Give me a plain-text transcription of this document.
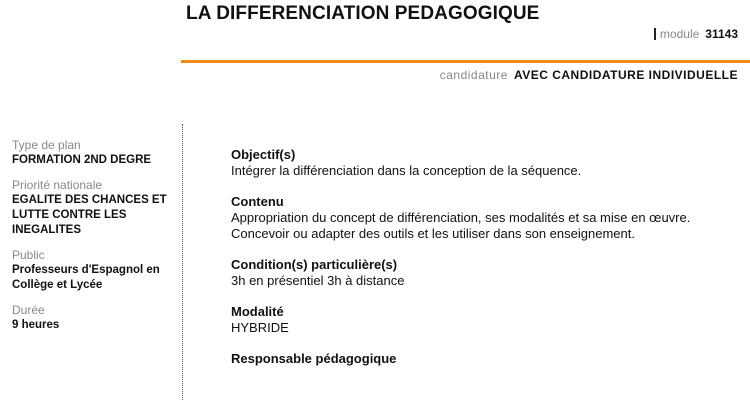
LA DIFFERENCIATION PEDAGOGIQUE
module 31143
candidature AVEC CANDIDATURE INDIVIDUELLE
Type de plan
FORMATION 2ND DEGRE
Priorité nationale
EGALITE DES CHANCES ET LUTTE CONTRE LES INEGALITES
Public
Professeurs d'Espagnol en Collège et Lycée
Durée
9 heures
Objectif(s)
Intégrer la différenciation dans la conception de la séquence.
Contenu
Appropriation du concept de différenciation, ses modalités et sa mise en œuvre.
Concevoir ou adapter des outils et les utiliser dans son enseignement.
Condition(s) particulière(s)
3h en présentiel 3h à distance
Modalité
HYBRIDE
Responsable pédagogique
